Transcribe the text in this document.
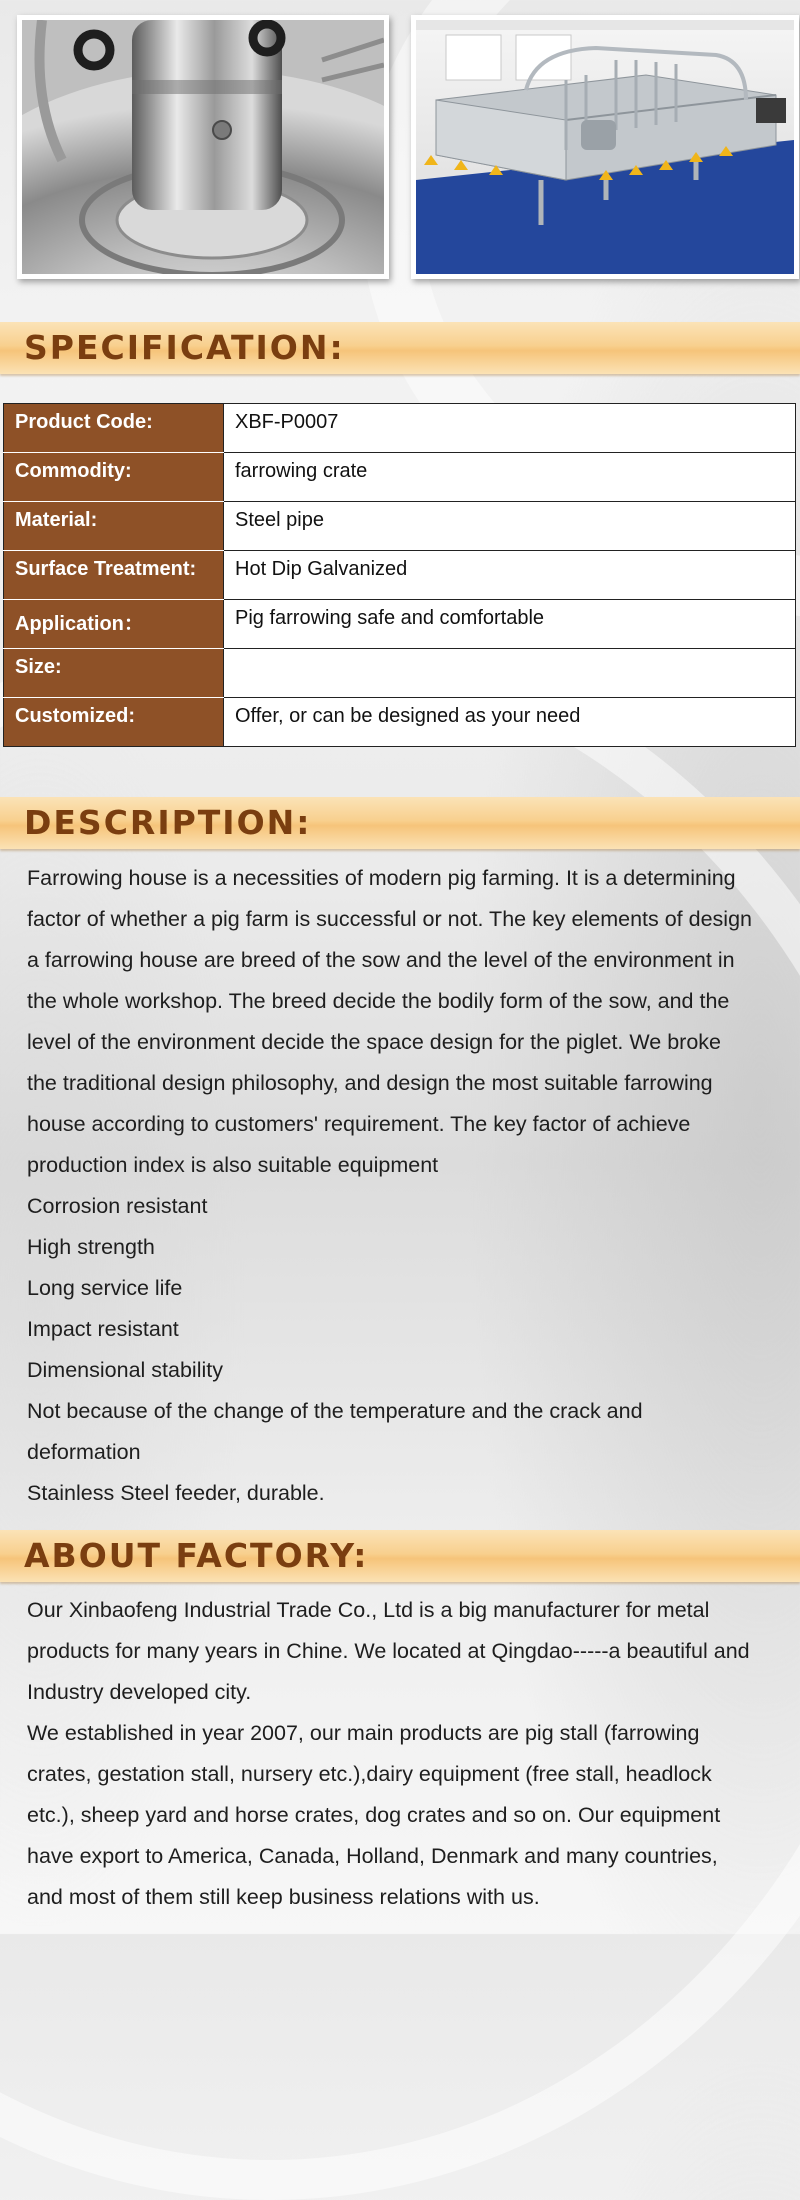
SPECIFICATION:
Product Code:	XBF-P0007
Commodity:	farrowing crate
Material:	Steel pipe
Surface Treatment:	Hot Dip Galvanized
Application：	Pig farrowing safe and comfortable
Size:	
Customized:	Offer, or can be designed as your need
DESCRIPTION:

Farrowing house is a necessities of modern pig farming. It is a determining

factor of whether a pig farm is successful or not. The key elements of design

a farrowing house are breed of the sow and the level of the environment in

the whole workshop. The breed decide the bodily form of the sow, and the

level of the environment decide the space design for the piglet. We broke

the traditional design philosophy, and design the most suitable farrowing

house according to customers' requirement. The key factor of achieve

production index is also suitable equipment

Corrosion resistant

High strength

Long service life

Impact resistant

Dimensional stability

Not because of the change of the temperature and the crack and

deformation

Stainless Steel feeder, durable.

ABOUT FACTORY:

Our Xinbaofeng Industrial Trade Co., Ltd is a big manufacturer for metal

products for many years in Chine. We located at Qingdao-----a beautiful and

Industry developed city.

We established in year 2007, our main products are pig stall (farrowing

crates, gestation stall, nursery etc.),dairy equipment (free stall, headlock

etc.), sheep yard and horse crates, dog crates and so on. Our equipment

have export to America, Canada, Holland, Denmark and many countries,

and most of them still keep business relations with us.
